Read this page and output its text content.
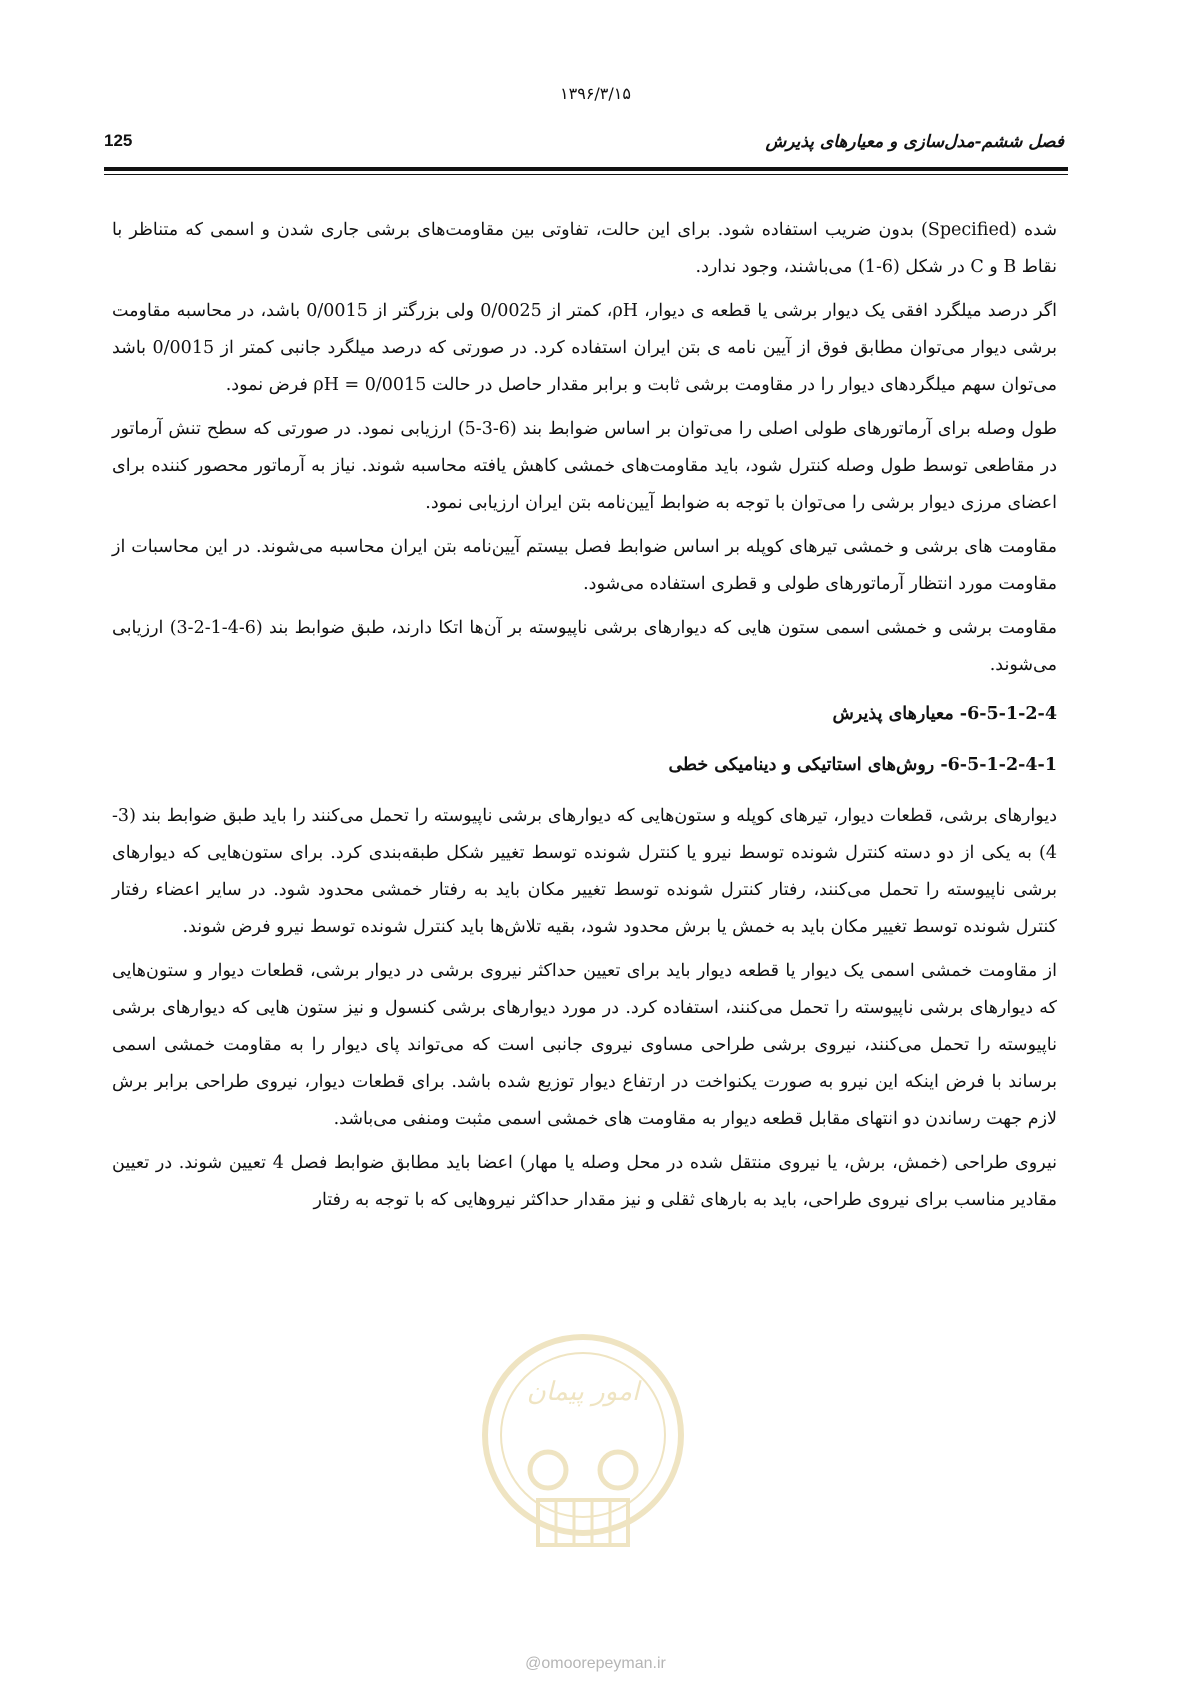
۱۳۹۶/۳/۱۵
فصل ششم-مدل‌سازی و معیارهای پذیرش
125

شده (Specified) بدون ضریب استفاده شود. برای این حالت، تفاوتی بین مقاومت‌های برشی جاری شدن و اسمی که متناظر با نقاط B و C در شکل (6-1) می‌باشند، وجود ندارد.

اگر درصد میلگرد افقی یک دیوار برشی یا قطعه ی دیوار، ρH، کمتر از 0/0025 ولی بزرگتر از 0/0015 باشد، در محاسبه مقاومت برشی دیوار می‌توان مطابق فوق از آیین نامه ی بتن ایران استفاده کرد. در صورتی که درصد میلگرد جانبی کمتر از 0/0015 باشد می‌توان سهم میلگردهای دیوار را در مقاومت برشی ثابت و برابر مقدار حاصل در حالت ρH = 0/0015 فرض نمود.

طول وصله برای آرماتورهای طولی اصلی را می‌توان بر اساس ضوابط بند (6-3-5) ارزیابی نمود. در صورتی که سطح تنش آرماتور در مقاطعی توسط طول وصله کنترل شود، باید مقاومت‌های خمشی کاهش یافته محاسبه شوند. نیاز به آرماتور محصور کننده برای اعضای مرزی دیوار برشی را می‌توان با توجه به ضوابط آیین‌نامه بتن ایران ارزیابی نمود.

مقاومت های برشی و خمشی تیرهای کوپله بر اساس ضوابط فصل بیستم آیین‌نامه بتن ایران محاسبه می‌شوند. در این محاسبات از مقاومت مورد انتظار آرماتورهای طولی و قطری استفاده می‌شود.

مقاومت برشی و خمشی اسمی ستون هایی که دیوارهای برشی ناپیوسته بر آن‌ها اتکا دارند، طبق ضوابط بند (6-4-1-2-3) ارزیابی می‌شوند.

6-5-1-2-4- معیارهای پذیرش
6-5-1-2-4-1- روش‌های استاتیکی و دینامیکی خطی

دیوارهای برشی، قطعات دیوار، تیرهای کوپله و ستون‌هایی که دیوارهای برشی ناپیوسته را تحمل می‌کنند را باید طبق ضوابط بند (3-4) به یکی از دو دسته کنترل شونده توسط نیرو یا کنترل شونده توسط تغییر شکل طبقه‌بندی کرد. برای ستون‌هایی که دیوارهای برشی ناپیوسته را تحمل می‌کنند، رفتار کنترل شونده توسط تغییر مکان باید به رفتار خمشی محدود شود. در سایر اعضاء رفتار کنترل شونده توسط تغییر مکان باید به خمش یا برش محدود شود، بقیه تلاش‌ها باید کنترل شونده توسط نیرو فرض شوند.

از مقاومت خمشی اسمی یک دیوار یا قطعه دیوار باید برای تعیین حداکثر نیروی برشی در دیوار برشی، قطعات دیوار و ستون‌هایی که دیوارهای برشی ناپیوسته را تحمل می‌کنند، استفاده کرد. در مورد دیوارهای برشی کنسول و نیز ستون هایی که دیوارهای برشی ناپیوسته را تحمل می‌کنند، نیروی برشی طراحی مساوی نیروی جانبی است که می‌تواند پای دیوار را به مقاومت خمشی اسمی برساند با فرض اینکه این نیرو به صورت یکنواخت در ارتفاع دیوار توزیع شده باشد. برای قطعات دیوار، نیروی طراحی برابر برش لازم جهت رساندن دو انتهای مقابل قطعه دیوار به مقاومت های خمشی اسمی مثبت ومنفی می‌باشد.

نیروی طراحی (خمش، برش، یا نیروی منتقل شده در محل وصله یا مهار) اعضا باید مطابق ضوابط فصل 4 تعیین شوند. در تعیین مقادیر مناسب برای نیروی طراحی، باید به بارهای ثقلی و نیز مقدار حداکثر نیروهایی که با توجه به رفتار

امور پیمان
@omoorepeyman.ir
